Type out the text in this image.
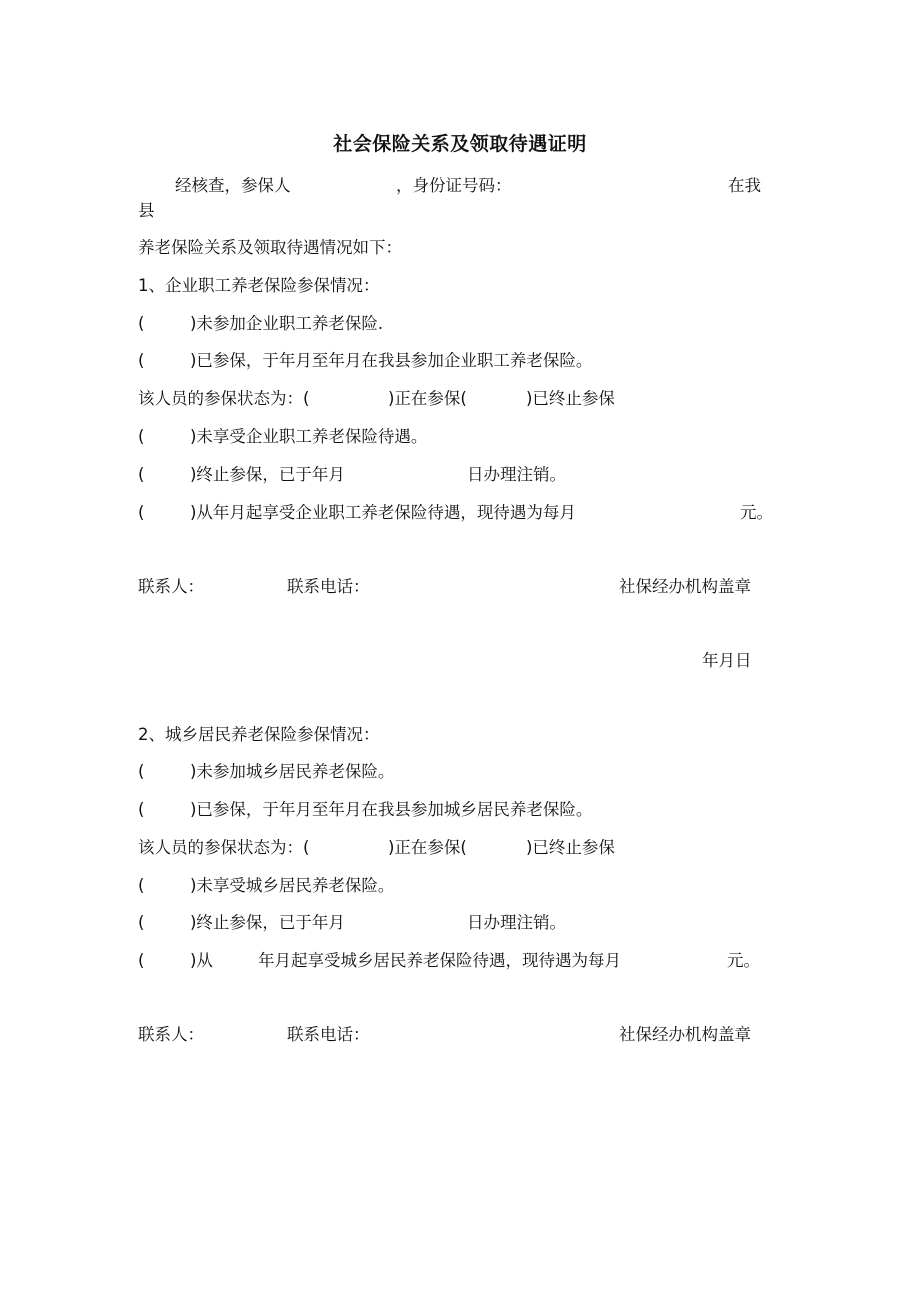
社会保险关系及领取待遇证明
经核查，参保人	，身份证号码：	在我
县
养老保险关系及领取待遇情况如下：
1、企业职工养老保险参保情况：
(	)未参加企业职工养老保险.
(	)已参保，于年月至年月在我县参加企业职工养老保险。
该人员的参保状态为：(	)正在参保(	)已终止参保
(	)未享受企业职工养老保险待遇。
(	)终止参保，已于年月	日办理注销。
(	)从年月起享受企业职工养老保险待遇，现待遇为每月	元。
联系人：	联系电话：	社保经办机构盖章
年月日
2、城乡居民养老保险参保情况：
(	)未参加城乡居民养老保险。
(	)已参保，于年月至年月在我县参加城乡居民养老保险。
该人员的参保状态为：(	)正在参保(	)已终止参保
(	)未享受城乡居民养老保险。
(	)终止参保，已于年月	日办理注销。
(	)从	年月起享受城乡居民养老保险待遇，现待遇为每月	元。
联系人：	联系电话：	社保经办机构盖章
